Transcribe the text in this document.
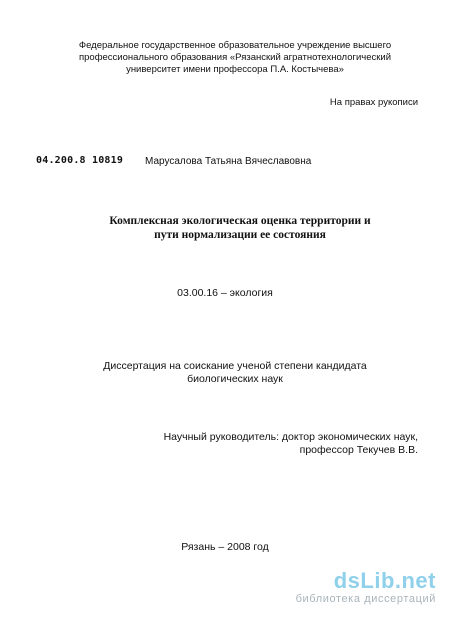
Федеральное государственное образовательное учреждение высшего
профессионального образования «Рязанский агратнотехнологический
университет имени профессора П.А. Костычева»
На правах рукописи
04.200.8 10819 Марусалова Татьяна Вячеславовна
Комплексная экологическая оценка территории и
пути нормализации ее состояния
03.00.16 – экология
Диссертация на соискание ученой степени кандидата
биологических наук
Научный руководитель: доктор экономических наук,
профессор Текучев В.В.
Рязань – 2008 год
dsLib.net
библиотека диссертаций
